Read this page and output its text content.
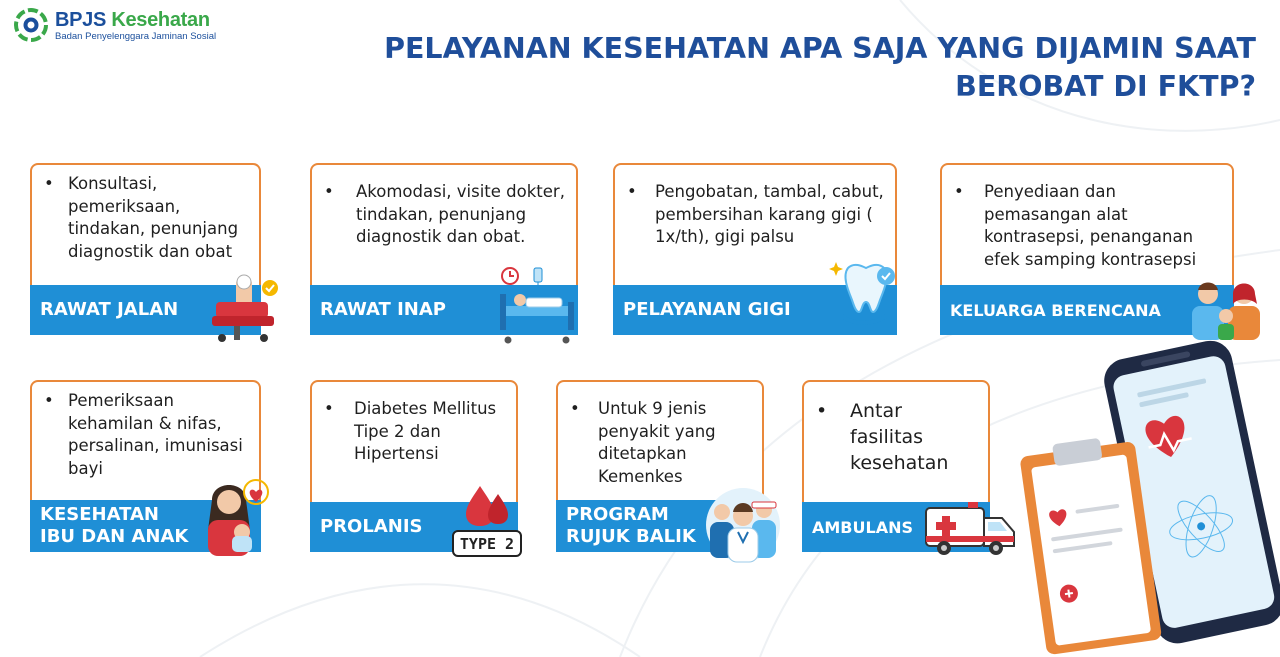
BPJS Kesehatan
Badan Penyelenggara Jaminan Sosial	PELAYANAN KESEHATAN APA SAJA YANG DIJAMIN SAAT BEROBAT DI FKTP?
• Konsultasi, pemeriksaan, tindakan, penunjang diagnostik dan obat
RAWAT JALAN
•	Akomodasi, visite dokter, tindakan, penunjang diagnostik dan obat.
RAWAT INAP
•	Pengobatan, tambal, cabut, pembersihan karang gigi ( 1x/th), gigi palsu
PELAYANAN GIGI
•	Penyediaan dan pemasangan alat kontrasepsi, penanganan efek samping kontrasepsi
KELUARGA BERENCANA
• Pemeriksaan kehamilan & nifas, persalinan, imunisasi bayi
KESEHATAN
IBU DAN ANAK
•	Diabetes Mellitus Tipe 2 dan Hipertensi
PROLANIS
TYPE 2
•	Untuk 9 jenis penyakit yang ditetapkan Kemenkes
PROGRAM
RUJUK BALIK
•	Antar fasilitas kesehatan
AMBULANS
